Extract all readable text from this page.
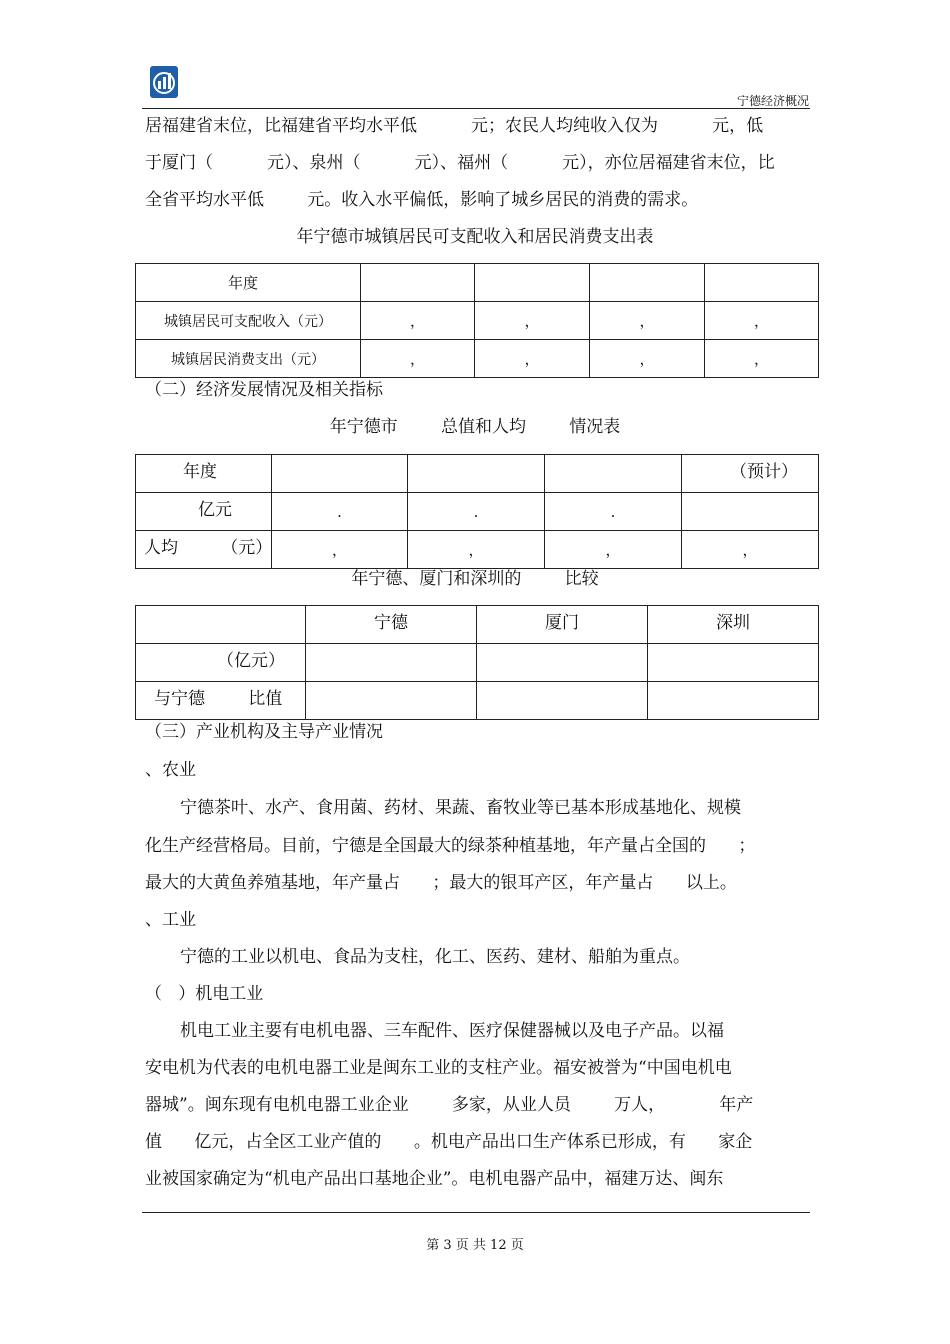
宁德经济概况
居福建省末位，比福建省平均水平低          元；农民人均纯收入仅为          元，低
于厦门（          元）、泉州（          元）、福州（          元），亦位居福建省末位，比
全省平均水平低        元。收入水平偏低，影响了城乡居民的消费的需求。
年宁德市城镇居民可支配收入和居民消费支出表
年度				
城镇居民可支配收入（元）	，	，	，	，
城镇居民消费支出（元）	，	，	，	，
（二）经济发展情况及相关指标
年宁德市        总值和人均        情况表
年度				（预计）
亿元	.	.	.	
人均        （元）	，	，	，	，
年宁德、厦门和深圳的        比较
	宁德	厦门	深圳
（亿元）			
与宁德        比值			
（三）产业机构及主导产业情况
、农业
宁德茶叶、水产、食用菌、药材、果蔬、畜牧业等已基本形成基地化、规模
化生产经营格局。目前，宁德是全国最大的绿茶种植基地，年产量占全国的      ；
最大的大黄鱼养殖基地，年产量占      ；最大的银耳产区，年产量占      以上。
、工业
宁德的工业以机电、食品为支柱，化工、医药、建材、船舶为重点。
（   ）机电工业
机电工业主要有电机电器、三车配件、医疗保健器械以及电子产品。以福
安电机为代表的电机电器工业是闽东工业的支柱产业。福安被誉为“中国电机电
器城”。闽东现有电机电器工业企业        多家，从业人员        万人，          年产
值      亿元，占全区工业产值的      。机电产品出口生产体系已形成，有      家企
业被国家确定为“机电产品出口基地企业”。电机电器产品中，福建万达、闽东
第 3 页 共 12 页
